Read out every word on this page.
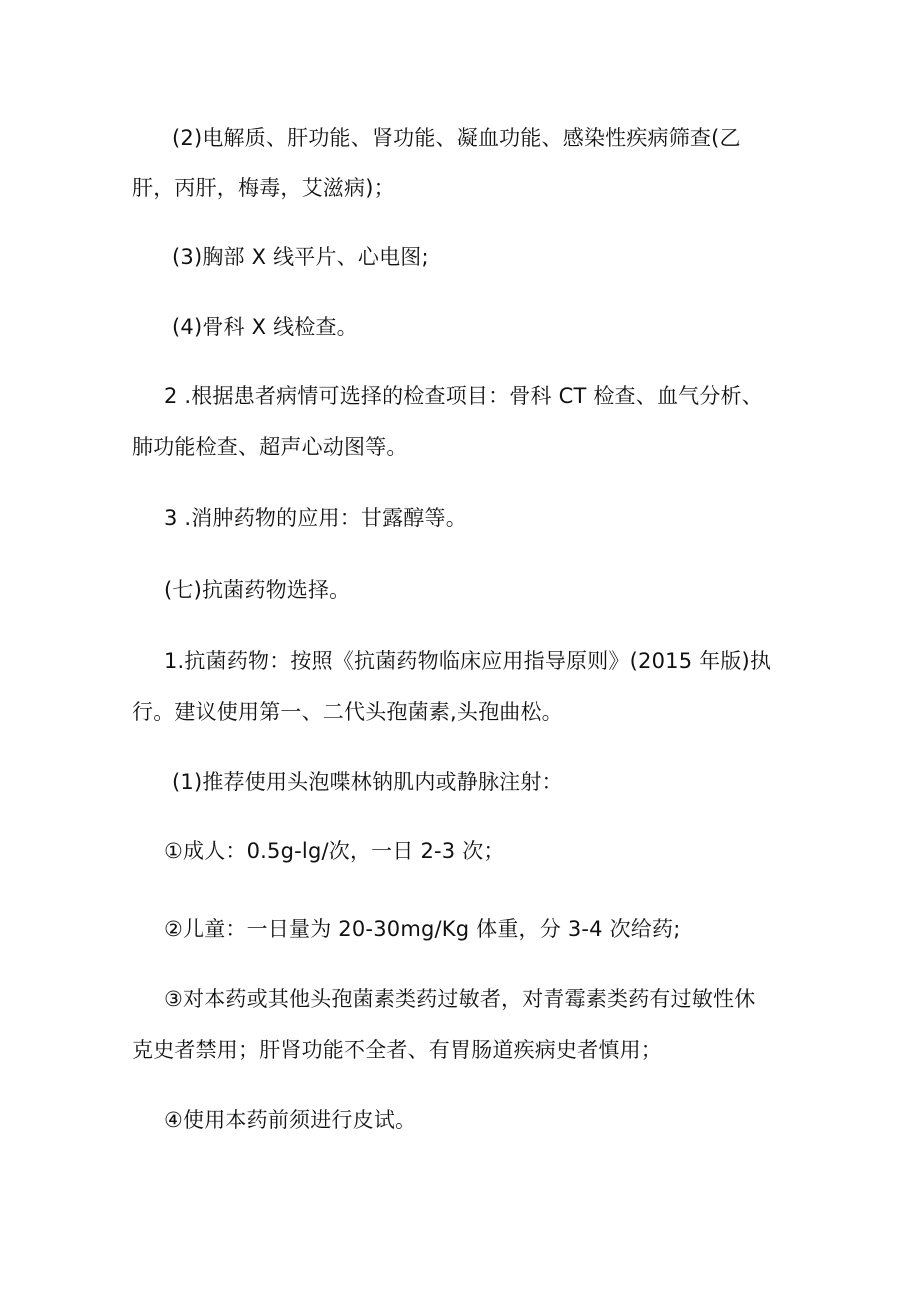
(2)电解质、肝功能、肾功能、凝血功能、感染性疾病筛查(乙
肝，丙肝，梅毒，艾滋病)；
(3)胸部 X 线平片、心电图;
(4)骨科 X 线检查。
2 .根据患者病情可选择的检查项目：骨科 CT 检查、血气分析、
肺功能检查、超声心动图等。
3 .消肿药物的应用：甘露醇等。
(七)抗菌药物选择。
1.抗菌药物：按照《抗菌药物临床应用指导原则》(2015 年版)执
行。建议使用第一、二代头孢菌素,头孢曲松。
(1)推荐使用头泡喋林钠肌内或静脉注射：
①成人：0.5g-lg/次，一日 2-3 次；
②儿童：一日量为 20-30mg/Kg 体重，分 3-4 次给药;
③对本药或其他头孢菌素类药过敏者，对青霉素类药有过敏性休
克史者禁用；肝肾功能不全者、有胃肠道疾病史者慎用；
④使用本药前须进行皮试。
